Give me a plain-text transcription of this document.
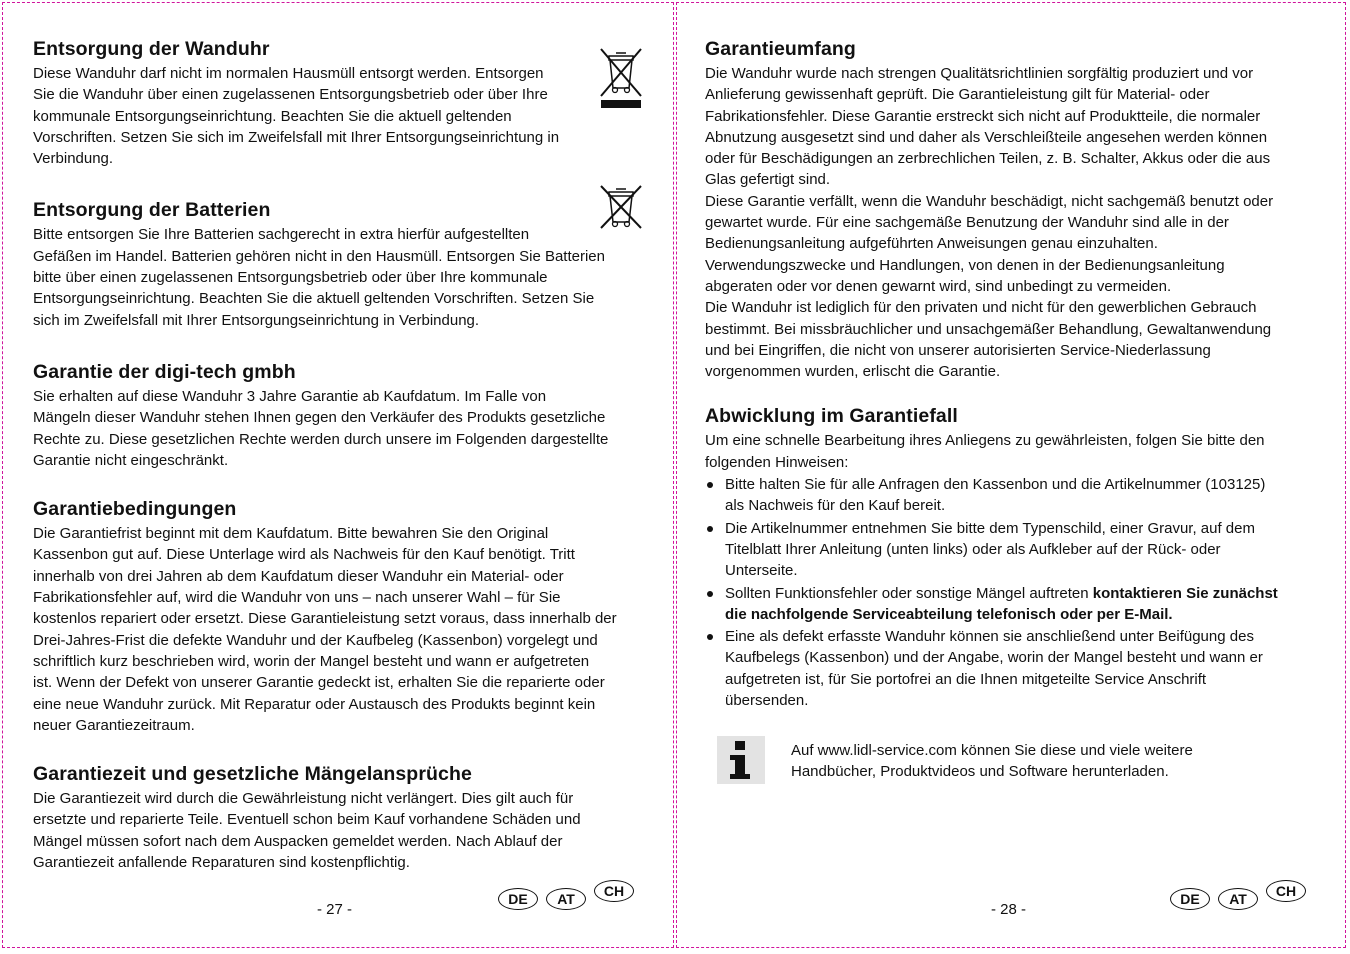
Entsorgung der Wanduhr

Diese Wanduhr darf nicht im normalen Hausmüll entsorgt werden. Entsorgen
Sie die Wanduhr über einen zugelassenen Entsorgungsbetrieb oder über Ihre
kommunale Entsorgungseinrichtung. Beachten Sie die aktuell geltenden
Vorschriften. Setzen Sie sich im Zweifelsfall mit Ihrer Entsorgungseinrichtung in
Verbindung.

Entsorgung der Batterien

Bitte entsorgen Sie Ihre Batterien sachgerecht in extra hierfür aufgestellten
Gefäßen im Handel. Batterien gehören nicht in den Hausmüll. Entsorgen Sie Batterien
bitte über einen zugelassenen Entsorgungsbetrieb oder über Ihre kommunale
Entsorgungseinrichtung. Beachten Sie die aktuell geltenden Vorschriften. Setzen Sie
sich im Zweifelsfall mit Ihrer Entsorgungseinrichtung in Verbindung.

Garantie der digi-tech gmbh

Sie erhalten auf diese Wanduhr 3 Jahre Garantie ab Kaufdatum. Im Falle von
Mängeln dieser Wanduhr stehen Ihnen gegen den Verkäufer des Produkts gesetzliche
Rechte zu. Diese gesetzlichen Rechte werden durch unsere im Folgenden dargestellte
Garantie nicht eingeschränkt.

Garantiebedingungen

Die Garantiefrist beginnt mit dem Kaufdatum. Bitte bewahren Sie den Original
Kassenbon gut auf. Diese Unterlage wird als Nachweis für den Kauf benötigt. Tritt
innerhalb von drei Jahren ab dem Kaufdatum dieser Wanduhr ein Material- oder
Fabrikationsfehler auf, wird die Wanduhr von uns – nach unserer Wahl – für Sie
kostenlos repariert oder ersetzt. Diese Garantieleistung setzt voraus, dass innerhalb der
Drei-Jahres-Frist die defekte Wanduhr und der Kaufbeleg (Kassenbon) vorgelegt und
schriftlich kurz beschrieben wird, worin der Mangel besteht und wann er aufgetreten
ist. Wenn der Defekt von unserer Garantie gedeckt ist, erhalten Sie die reparierte oder
eine neue Wanduhr zurück. Mit Reparatur oder Austausch des Produkts beginnt kein
neuer Garantiezeitraum.

Garantiezeit und gesetzliche Mängelansprüche

Die Garantiezeit wird durch die Gewährleistung nicht verlängert. Dies gilt auch für
ersetzte und reparierte Teile. Eventuell schon beim Kauf vorhandene Schäden und
Mängel müssen sofort nach dem Auspacken gemeldet werden. Nach Ablauf der
Garantiezeit anfallende Reparaturen sind kostenpflichtig.

- 27 -
DE	AT	CH
Garantieumfang

Die Wanduhr wurde nach strengen Qualitätsrichtlinien sorgfältig produziert und vor
Anlieferung gewissenhaft geprüft. Die Garantieleistung gilt für Material- oder
Fabrikationsfehler. Diese Garantie erstreckt sich nicht auf Produktteile, die normaler
Abnutzung ausgesetzt sind und daher als Verschleißteile angesehen werden können
oder für Beschädigungen an zerbrechlichen Teilen, z. B. Schalter, Akkus oder die aus
Glas gefertigt sind.
Diese Garantie verfällt, wenn die Wanduhr beschädigt, nicht sachgemäß benutzt oder
gewartet wurde. Für eine sachgemäße Benutzung der Wanduhr sind alle in der
Bedienungsanleitung aufgeführten Anweisungen genau einzuhalten.
Verwendungszwecke und Handlungen, von denen in der Bedienungsanleitung
abgeraten oder vor denen gewarnt wird, sind unbedingt zu vermeiden.
Die Wanduhr ist lediglich für den privaten und nicht für den gewerblichen Gebrauch
bestimmt. Bei missbräuchlicher und unsachgemäßer Behandlung, Gewaltanwendung
und bei Eingriffen, die nicht von unserer autorisierten Service-Niederlassung
vorgenommen wurden, erlischt die Garantie.

Abwicklung im Garantiefall

Um eine schnelle Bearbeitung ihres Anliegens zu gewährleisten, folgen Sie bitte den
folgenden Hinweisen:

Bitte halten Sie für alle Anfragen den Kassenbon und die Artikelnummer (103125)
als Nachweis für den Kauf bereit.
Die Artikelnummer entnehmen Sie bitte dem Typenschild, einer Gravur, auf dem
Titelblatt Ihrer Anleitung (unten links) oder als Aufkleber auf der Rück- oder
Unterseite.
Sollten Funktionsfehler oder sonstige Mängel auftreten kontaktieren Sie zunächst
die nachfolgende Serviceabteilung telefonisch oder per E-Mail.
Eine als defekt erfasste Wanduhr können sie anschließend unter Beifügung des
Kaufbelegs (Kassenbon) und der Angabe, worin der Mangel besteht und wann er
aufgetreten ist, für Sie portofrei an die Ihnen mitgeteilte Service Anschrift
übersenden.
Auf www.lidl-service.com können Sie diese und viele weitere
Handbücher, Produktvideos und Software herunterladen.
- 28 -
DE	AT	CH
